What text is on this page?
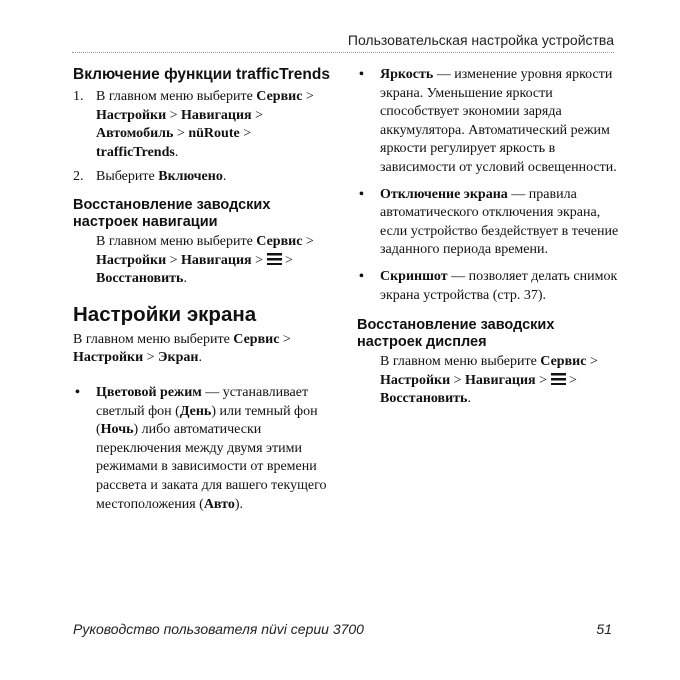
Пользовательская настройка устройства
Включение функции trafficTrends
1. В главном меню выберите Сервис > Настройки > Навигация > Автомобиль > nüRoute > trafficTrends.
2. Выберите Включено.
Восстановление заводских настроек навигации

В главном меню выберите Сервис > Настройки > Навигация >  > Восстановить.

Настройки экрана

В главном меню выберите Сервис > Настройки > Экран.

• Цветовой режим — устанавливает светлый фон (День) или темный фон (Ночь) либо автоматически переключения между двумя этими режимами в зависимости от времени рассвета и заката для вашего текущего местоположения (Авто).
• Яркость — изменение уровня яркости экрана. Уменьшение яркости способствует экономии заряда аккумулятора. Автоматический режим яркости регулирует яркость в зависимости от условий освещенности.
• Отключение экрана — правила автоматического отключения экрана, если устройство бездействует в течение заданного периода времени.
• Скриншот — позволяет делать снимок экрана устройства (стр. 37).
Восстановление заводских настроек дисплея

В главном меню выберите Сервис > Настройки > Навигация >  > Восстановить.

Руководство пользователя nüvi серии 3700	51
